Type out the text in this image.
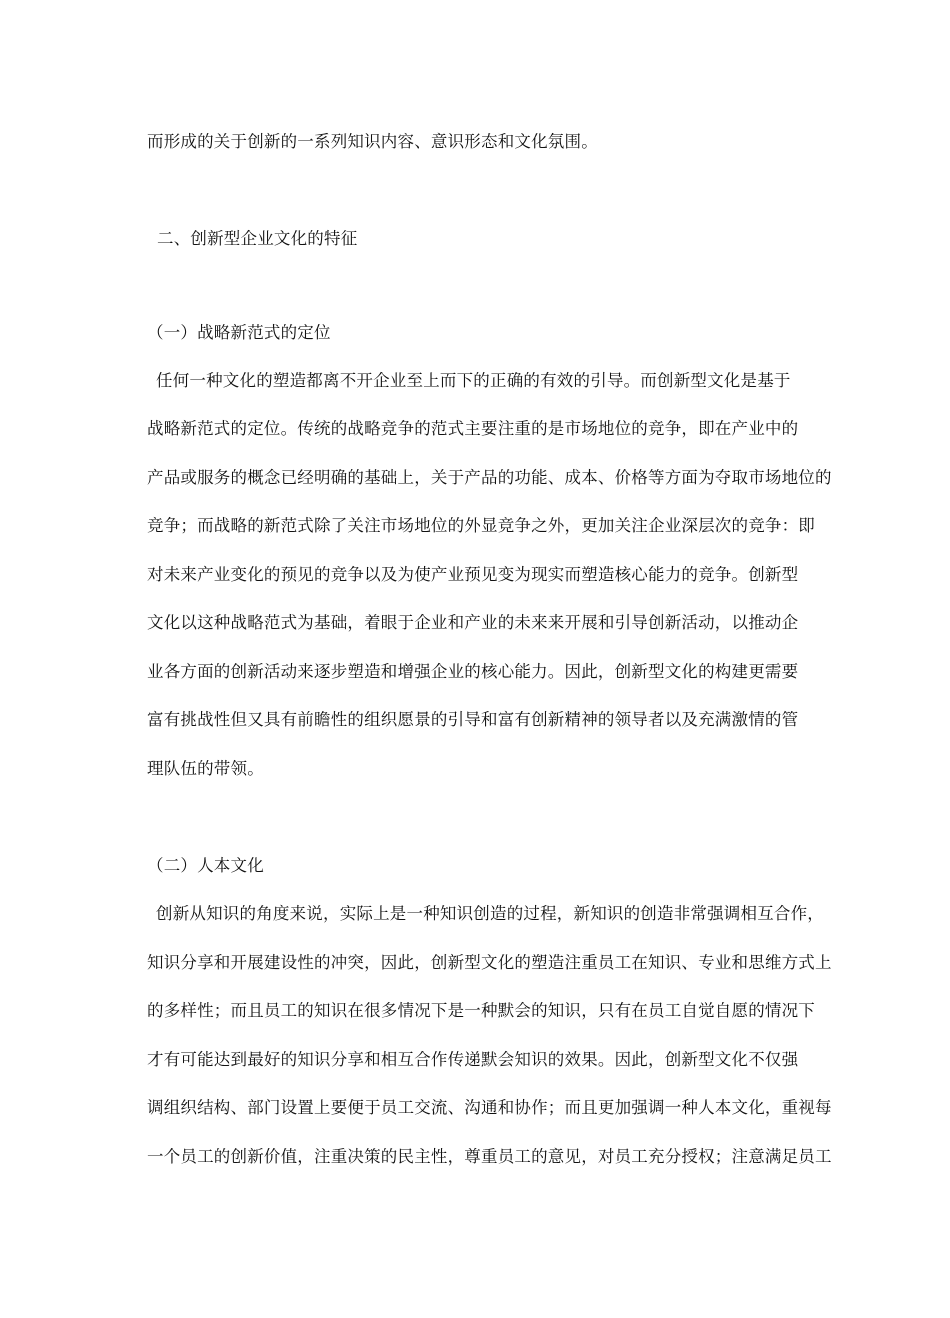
而形成的关于创新的一系列知识内容、意识形态和文化氛围。
二、创新型企业文化的特征
（一）战略新范式的定位
任何一种文化的塑造都离不开企业至上而下的正确的有效的引导。而创新型文化是基于
战略新范式的定位。传统的战略竞争的范式主要注重的是市场地位的竞争，即在产业中的
产品或服务的概念已经明确的基础上，关于产品的功能、成本、价格等方面为夺取市场地位的
竞争；而战略的新范式除了关注市场地位的外显竞争之外，更加关注企业深层次的竞争：即
对未来产业变化的预见的竞争以及为使产业预见变为现实而塑造核心能力的竞争。创新型
文化以这种战略范式为基础，着眼于企业和产业的未来来开展和引导创新活动，以推动企
业各方面的创新活动来逐步塑造和增强企业的核心能力。因此，创新型文化的构建更需要
富有挑战性但又具有前瞻性的组织愿景的引导和富有创新精神的领导者以及充满激情的管
理队伍的带领。
（二）人本文化
创新从知识的角度来说，实际上是一种知识创造的过程，新知识的创造非常强调相互合作，
知识分享和开展建设性的冲突，因此，创新型文化的塑造注重员工在知识、专业和思维方式上
的多样性；而且员工的知识在很多情况下是一种默会的知识，只有在员工自觉自愿的情况下
才有可能达到最好的知识分享和相互合作传递默会知识的效果。因此，创新型文化不仅强
调组织结构、部门设置上要便于员工交流、沟通和协作；而且更加强调一种人本文化，重视每
一个员工的创新价值，注重决策的民主性，尊重员工的意见，对员工充分授权；注意满足员工
